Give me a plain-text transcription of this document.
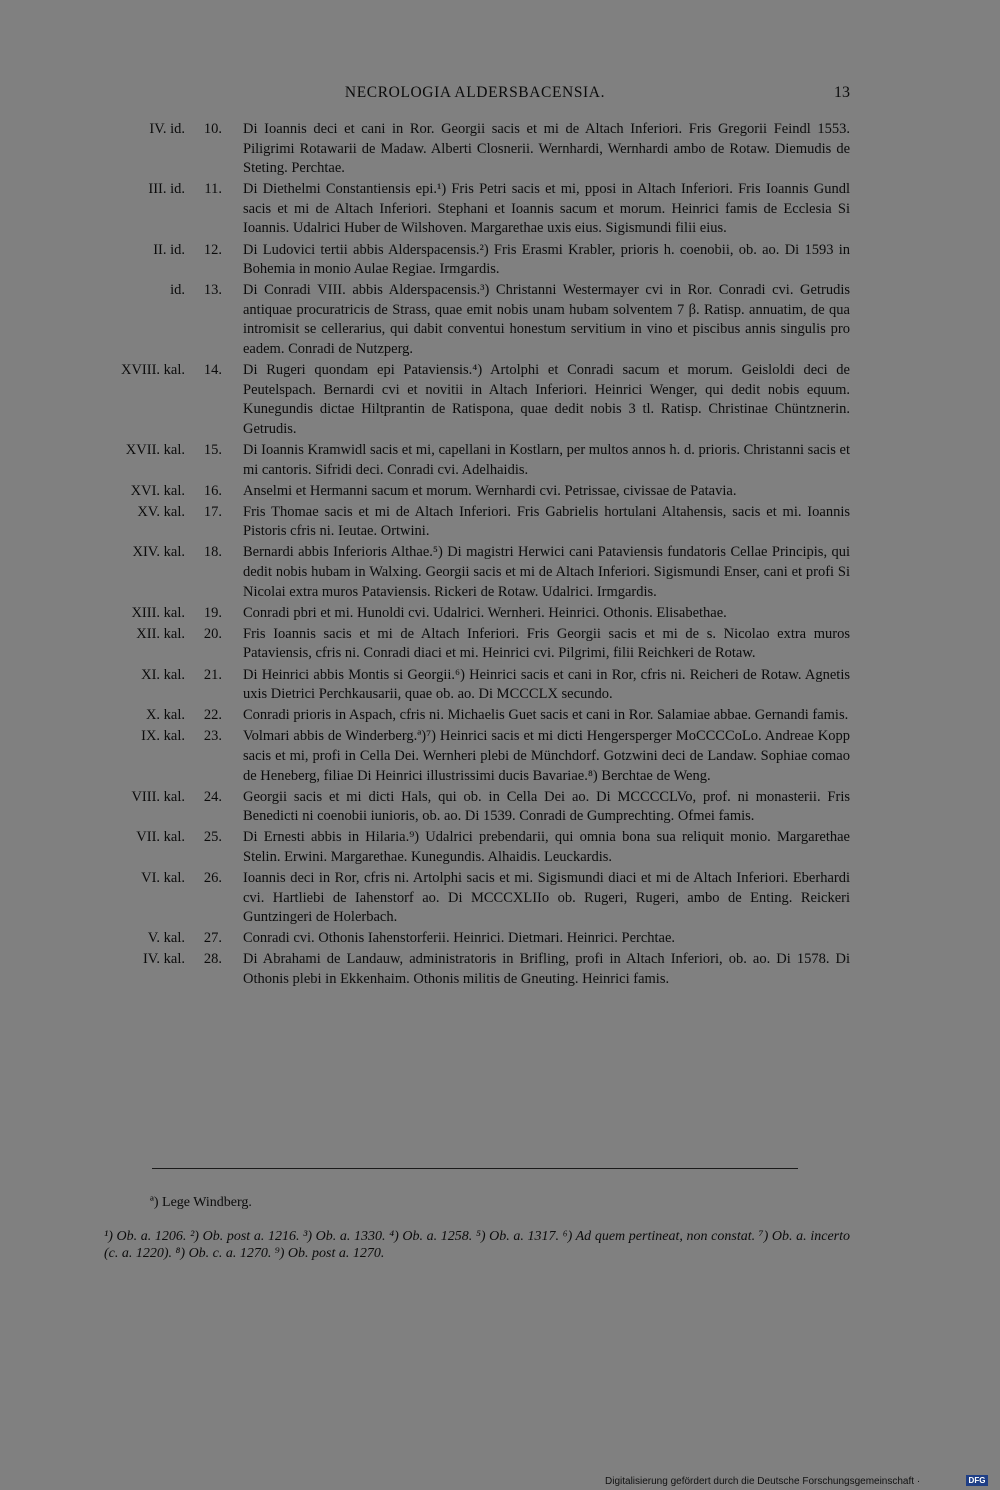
NECROLOGIA ALDERSBACENSIA.	13
IV. id.	10. Di Ioannis deci et cani in Ror. Georgii sacis et mi de Altach Inferiori. Fris Gregorii Feindl 1553. Piligrimi Rotawarii de Madaw. Alberti Closnerii. Wernhardi, Wernhardi ambo de Rotaw. Diemudis de Steting. Perchtae.
III. id.	11. Di Diethelmi Constantiensis epi.¹) Fris Petri sacis et mi, pposi in Altach Inferiori. Fris Ioannis Gundl sacis et mi de Altach Inferiori. Stephani et Ioannis sacum et morum. Heinrici famis de Ecclesia Si Ioannis. Udalrici Huber de Wilshoven. Margarethae uxis eius. Sigismundi filii eius.
II. id.	12. Di Ludovici tertii abbis Alderspacensis.²) Fris Erasmi Krabler, prioris h. coenobii, ob. ao. Di 1593 in Bohemia in monio Aulae Regiae. Irmgardis.
id.	13. Di Conradi VIII. abbis Alderspacensis.³) Christanni Westermayer cvi in Ror. Conradi cvi. Getrudis antiquae procuratricis de Strass, quae emit nobis unam hubam solventem 7 β. Ratisp. annuatim, de qua intromisit se cellerarius, qui dabit conventui honestum servitium in vino et piscibus annis singulis pro eadem. Conradi de Nutzperg.
XVIII. kal.	14. Di Rugeri quondam epi Pataviensis.⁴) Artolphi et Conradi sacum et morum. Geisloldi deci de Peutelspach. Bernardi cvi et novitii in Altach Inferiori. Heinrici Wenger, qui dedit nobis equum. Kunegundis dictae Hiltprantin de Ratispona, quae dedit nobis 3 tl. Ratisp. Christinae Chüntznerin. Getrudis.
XVII. kal.	15. Di Ioannis Kramwidl sacis et mi, capellani in Kostlarn, per multos annos h. d. prioris. Christanni sacis et mi cantoris. Sifridi deci. Conradi cvi. Adelhaidis.
XVI. kal.	16. Anselmi et Hermanni sacum et morum. Wernhardi cvi. Petrissae, civissae de Patavia.
XV. kal.	17. Fris Thomae sacis et mi de Altach Inferiori. Fris Gabrielis hortulani Altahensis, sacis et mi. Ioannis Pistoris cfris ni. Ieutae. Ortwini.
XIV. kal.	18. Bernardi abbis Inferioris Althae.⁵) Di magistri Herwici cani Pataviensis fundatoris Cellae Principis, qui dedit nobis hubam in Walxing. Georgii sacis et mi de Altach Inferiori. Sigismundi Enser, cani et profi Si Nicolai extra muros Pataviensis. Rickeri de Rotaw. Udalrici. Irmgardis.
XIII. kal.	19. Conradi pbri et mi. Hunoldi cvi. Udalrici. Wernheri. Heinrici. Othonis. Elisabethae.
XII. kal.	20. Fris Ioannis sacis et mi de Altach Inferiori. Fris Georgii sacis et mi de s. Nicolao extra muros Pataviensis, cfris ni. Conradi diaci et mi. Heinrici cvi. Pilgrimi, filii Reichkeri de Rotaw.
XI. kal.	21. Di Heinrici abbis Montis si Georgii.⁶) Heinrici sacis et cani in Ror, cfris ni. Reicheri de Rotaw. Agnetis uxis Dietrici Perchkausarii, quae ob. ao. Di MCCCLX secundo.
X. kal.	22. Conradi prioris in Aspach, cfris ni. Michaelis Guet sacis et cani in Ror. Salamiae abbae. Gernandi famis.
IX. kal.	23. Volmari abbis de Winderberg.ª)⁷) Heinrici sacis et mi dicti Hengersperger MoCCCCoLo. Andreae Kopp sacis et mi, profi in Cella Dei. Wernheri plebi de Münchdorf. Gotzwini deci de Landaw. Sophiae comao de Heneberg, filiae Di Heinrici illustrissimi ducis Bavariae.⁸) Berchtae de Weng.
VIII. kal.	24. Georgii sacis et mi dicti Hals, qui ob. in Cella Dei ao. Di MCCCCLVo, prof. ni monasterii. Fris Benedicti ni coenobii iunioris, ob. ao. Di 1539. Conradi de Gumprechting. Ofmei famis.
VII. kal.	25. Di Ernesti abbis in Hilaria.⁹) Udalrici prebendarii, qui omnia bona sua reliquit monio. Margarethae Stelin. Erwini. Margarethae. Kunegundis. Alhaidis. Leuckardis.
VI. kal.	26. Ioannis deci in Ror, cfris ni. Artolphi sacis et mi. Sigismundi diaci et mi de Altach Inferiori. Eberhardi cvi. Hartliebi de Iahenstorf ao. Di MCCCXLIIo ob. Rugeri, Rugeri, ambo de Enting. Reickeri Guntzingeri de Holerbach.
V. kal.	27. Conradi cvi. Othonis Iahenstorferii. Heinrici. Dietmari. Heinrici. Perchtae.
IV. kal.	28. Di Abrahami de Landauw, administratoris in Brifling, profi in Altach Inferiori, ob. ao. Di 1578. Di Othonis plebi in Ekkenhaim. Othonis militis de Gneuting. Heinrici famis.
ª) Lege Windberg.
¹) Ob. a. 1206. ²) Ob. post a. 1216. ³) Ob. a. 1330. ⁴) Ob. a. 1258. ⁵) Ob. a. 1317. ⁶) Ad quem pertineat, non constat. ⁷) Ob. a. incerto (c. a. 1220). ⁸) Ob. c. a. 1270. ⁹) Ob. post a. 1270.
Digitalisierung gefördert durch die Deutsche Forschungsgemeinschaft ·	DFG
